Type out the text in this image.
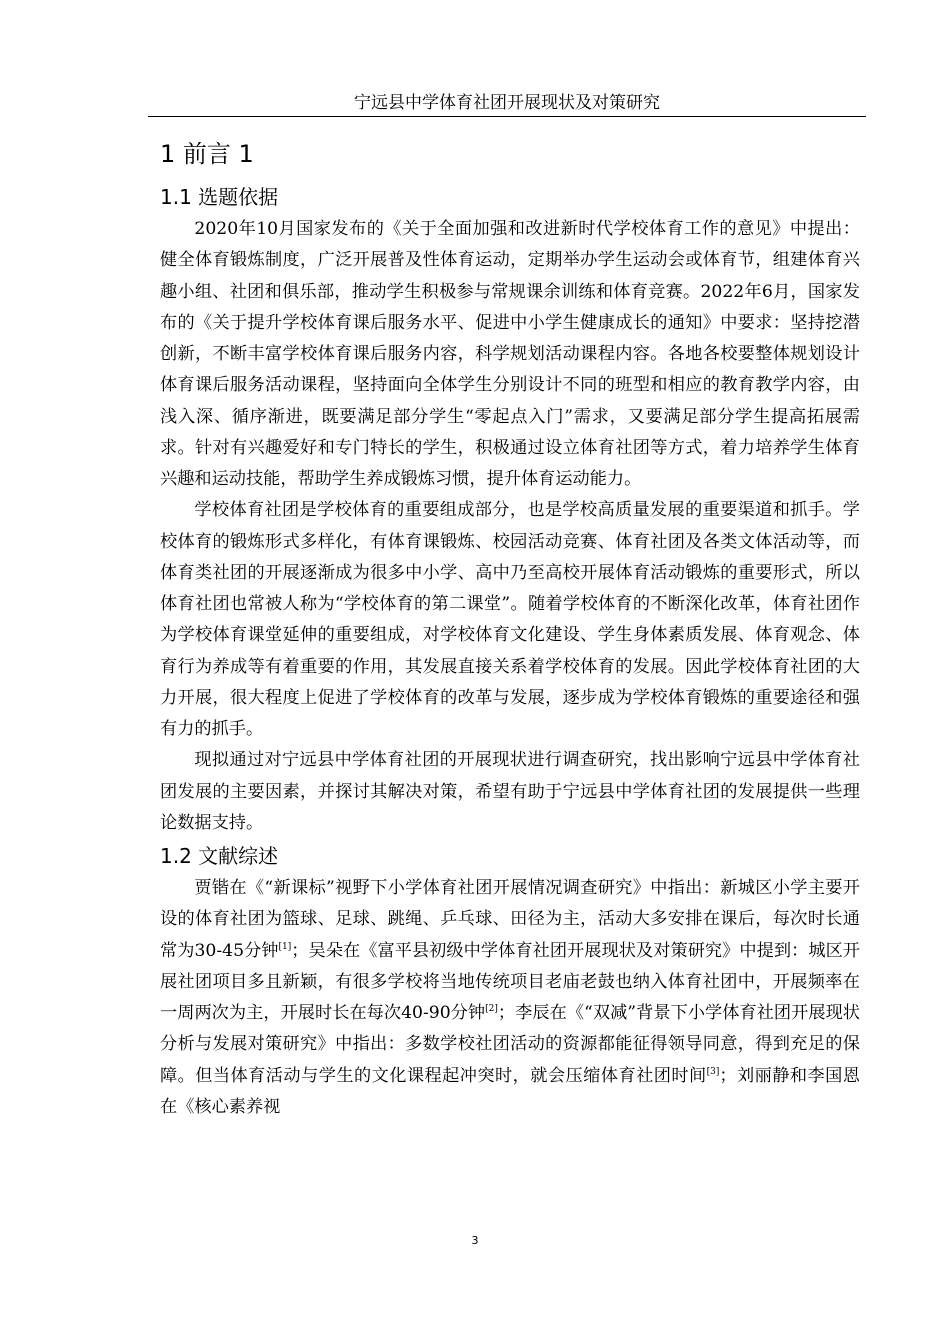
宁远县中学体育社团开展现状及对策研究
1 前言 1
1.1 选题依据

2020年10月国家发布的《关于全面加强和改进新时代学校体育工作的意见》中提出：健全体育锻炼制度，广泛开展普及性体育运动，定期举办学生运动会或体育节，组建体育兴趣小组、社团和俱乐部，推动学生积极参与常规课余训练和体育竞赛。2022年6月，国家发布的《关于提升学校体育课后服务水平、促进中小学生健康成长的通知》中要求：坚持挖潜创新，不断丰富学校体育课后服务内容，科学规划活动课程内容。各地各校要整体规划设计体育课后服务活动课程，坚持面向全体学生分别设计不同的班型和相应的教育教学内容，由浅入深、循序渐进，既要满足部分学生“零起点入门”需求，又要满足部分学生提高拓展需求。针对有兴趣爱好和专门特长的学生，积极通过设立体育社团等方式，着力培养学生体育兴趣和运动技能，帮助学生养成锻炼习惯，提升体育运动能力。

学校体育社团是学校体育的重要组成部分，也是学校高质量发展的重要渠道和抓手。学校体育的锻炼形式多样化，有体育课锻炼、校园活动竞赛、体育社团及各类文体活动等，而体育类社团的开展逐渐成为很多中小学、高中乃至高校开展体育活动锻炼的重要形式，所以体育社团也常被人称为“学校体育的第二课堂”。随着学校体育的不断深化改革，体育社团作为学校体育课堂延伸的重要组成，对学校体育文化建设、学生身体素质发展、体育观念、体育行为养成等有着重要的作用，其发展直接关系着学校体育的发展。因此学校体育社团的大力开展，很大程度上促进了学校体育的改革与发展，逐步成为学校体育锻炼的重要途径和强有力的抓手。

现拟通过对宁远县中学体育社团的开展现状进行调查研究，找出影响宁远县中学体育社团发展的主要因素，并探讨其解决对策，希望有助于宁远县中学体育社团的发展提供一些理论数据支持。

1.2 文献综述

贾锴在《“新课标”视野下小学体育社团开展情况调查研究》中指出：新城区小学主要开设的体育社团为篮球、足球、跳绳、乒乓球、田径为主，活动大多安排在课后，每次时长通常为30-45分钟[1]；吴朵在《富平县初级中学体育社团开展现状及对策研究》中提到：城区开展社团项目多且新颖，有很多学校将当地传统项目老庙老鼓也纳入体育社团中，开展频率在一周两次为主，开展时长在每次40-90分钟[2]；李辰在《“双减”背景下小学体育社团开展现状分析与发展对策研究》中指出：多数学校社团活动的资源都能征得领导同意，得到充足的保障。但当体育活动与学生的文化课程起冲突时，就会压缩体育社团时间[3]；刘丽静和李国恩在《核心素养视

3
